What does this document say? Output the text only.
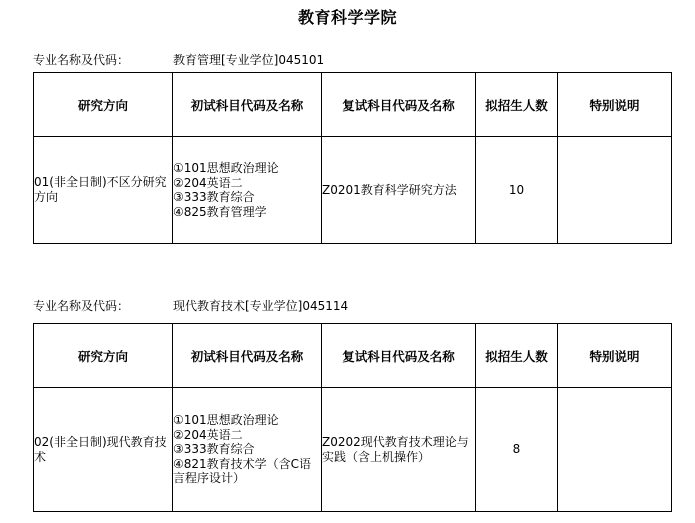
教育科学学院
专业名称及代码：	教育管理[专业学位]045101
研究方向	初试科目代码及名称	复试科目代码及名称	拟招生人数	特别说明
01(非全日制)不区分研究方向	①101思想政治理论
②204英语二
③333教育综合
④825教育管理学	Z0201教育科学研究方法	10	
专业名称及代码：	现代教育技术[专业学位]045114
研究方向	初试科目代码及名称	复试科目代码及名称	拟招生人数	特别说明
02(非全日制)现代教育技术	①101思想政治理论
②204英语二
③333教育综合
④821教育技术学（含C语言程序设计）	Z0202现代教育技术理论与实践（含上机操作）	8	
